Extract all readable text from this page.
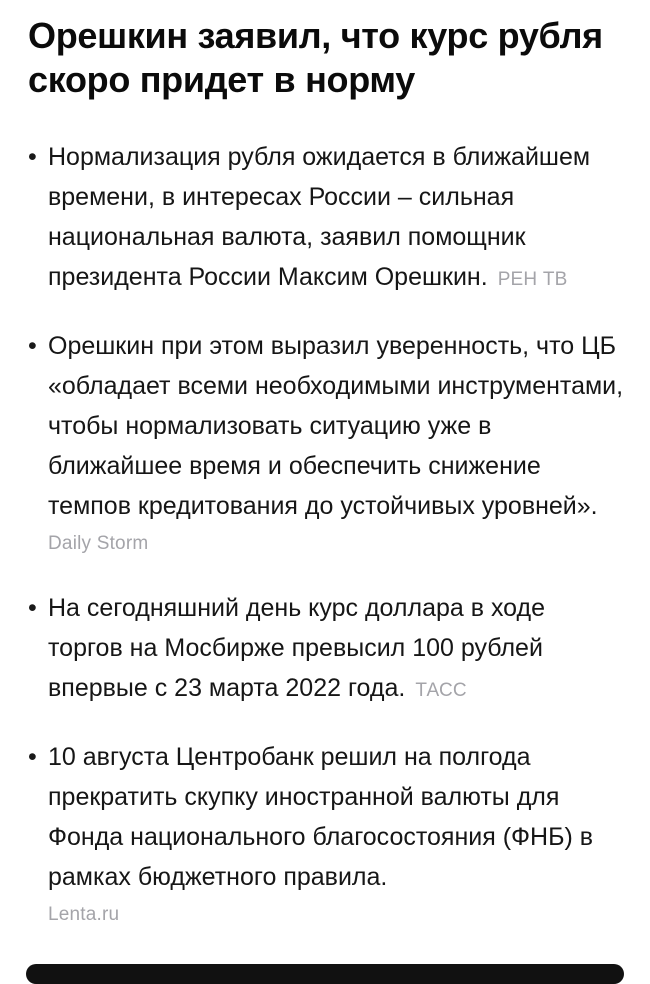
Орешкин заявил, что курс рубля скоро придет в норму
• Нормализация рубля ожидается в ближайшем времени, в интересах России – сильная национальная валюта, заявил помощник президента России Максим Орешкин. РЕН ТВ
• Орешкин при этом выразил уверенность, что ЦБ «обладает всеми необходимыми инструментами, чтобы нормализовать ситуацию уже в ближайшее время и обеспечить снижение темпов кредитования до устойчивых уровней».
Daily Storm
• На сегодняшний день курс доллара в ходе торгов на Мосбирже превысил 100 рублей впервые с 23 марта 2022 года. ТАСС
• 10 августа Центробанк решил на полгода прекратить скупку иностранной валюты для Фонда национального благосостояния (ФНБ) в рамках бюджетного правила.
Lenta.ru
